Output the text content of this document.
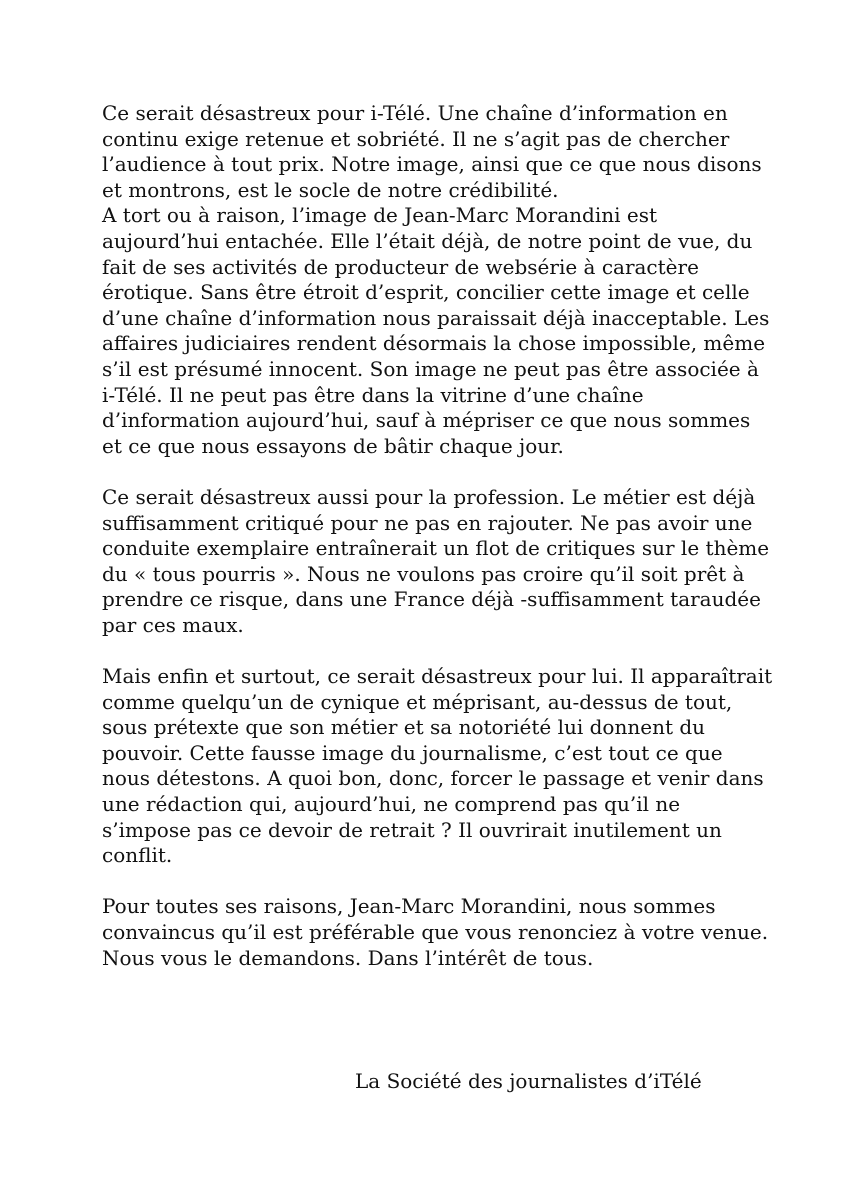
Ce serait désastreux pour i-Télé. Une chaîne d’information en
continu exige retenue et sobriété. Il ne s’agit pas de chercher
l’audience à tout prix. Notre image, ainsi que ce que nous disons
et montrons, est le socle de notre crédibilité.

A tort ou à raison, l’image de Jean-Marc Morandini est
aujourd’hui entachée. Elle l’était déjà, de notre point de vue, du
fait de ses activités de producteur de websérie à caractère
érotique. Sans être étroit d’esprit, concilier cette image et celle
d’une chaîne d’information nous paraissait déjà inacceptable. Les
affaires judiciaires rendent désormais la chose impossible, même
s’il est présumé innocent. Son image ne peut pas être associée à
i-Télé. Il ne peut pas être dans la vitrine d’une chaîne
d’information aujourd’hui, sauf à mépriser ce que nous sommes
et ce que nous essayons de bâtir chaque jour.

Ce serait désastreux aussi pour la profession. Le métier est déjà
suffisamment critiqué pour ne pas en rajouter. Ne pas avoir une
conduite exemplaire entraînerait un flot de critiques sur le thème
du « tous pourris ». Nous ne voulons pas croire qu’il soit prêt à
prendre ce risque, dans une France déjà -suffisamment taraudée
par ces maux.

Mais enfin et surtout, ce serait désastreux pour lui. Il apparaîtrait
comme quelqu’un de cynique et méprisant, au-dessus de tout,
sous prétexte que son métier et sa notoriété lui donnent du
pouvoir. Cette fausse image du journalisme, c’est tout ce que
nous détestons. A quoi bon, donc, forcer le passage et venir dans
une rédaction qui, aujourd’hui, ne comprend pas qu’il ne
s’impose pas ce devoir de retrait ? Il ouvrirait inutilement un
conflit.

Pour toutes ses raisons, Jean-Marc Morandini, nous sommes
convaincus qu’il est préférable que vous renonciez à votre venue.
Nous vous le demandons. Dans l’intérêt de tous.

La Société des journalistes d’iTélé
